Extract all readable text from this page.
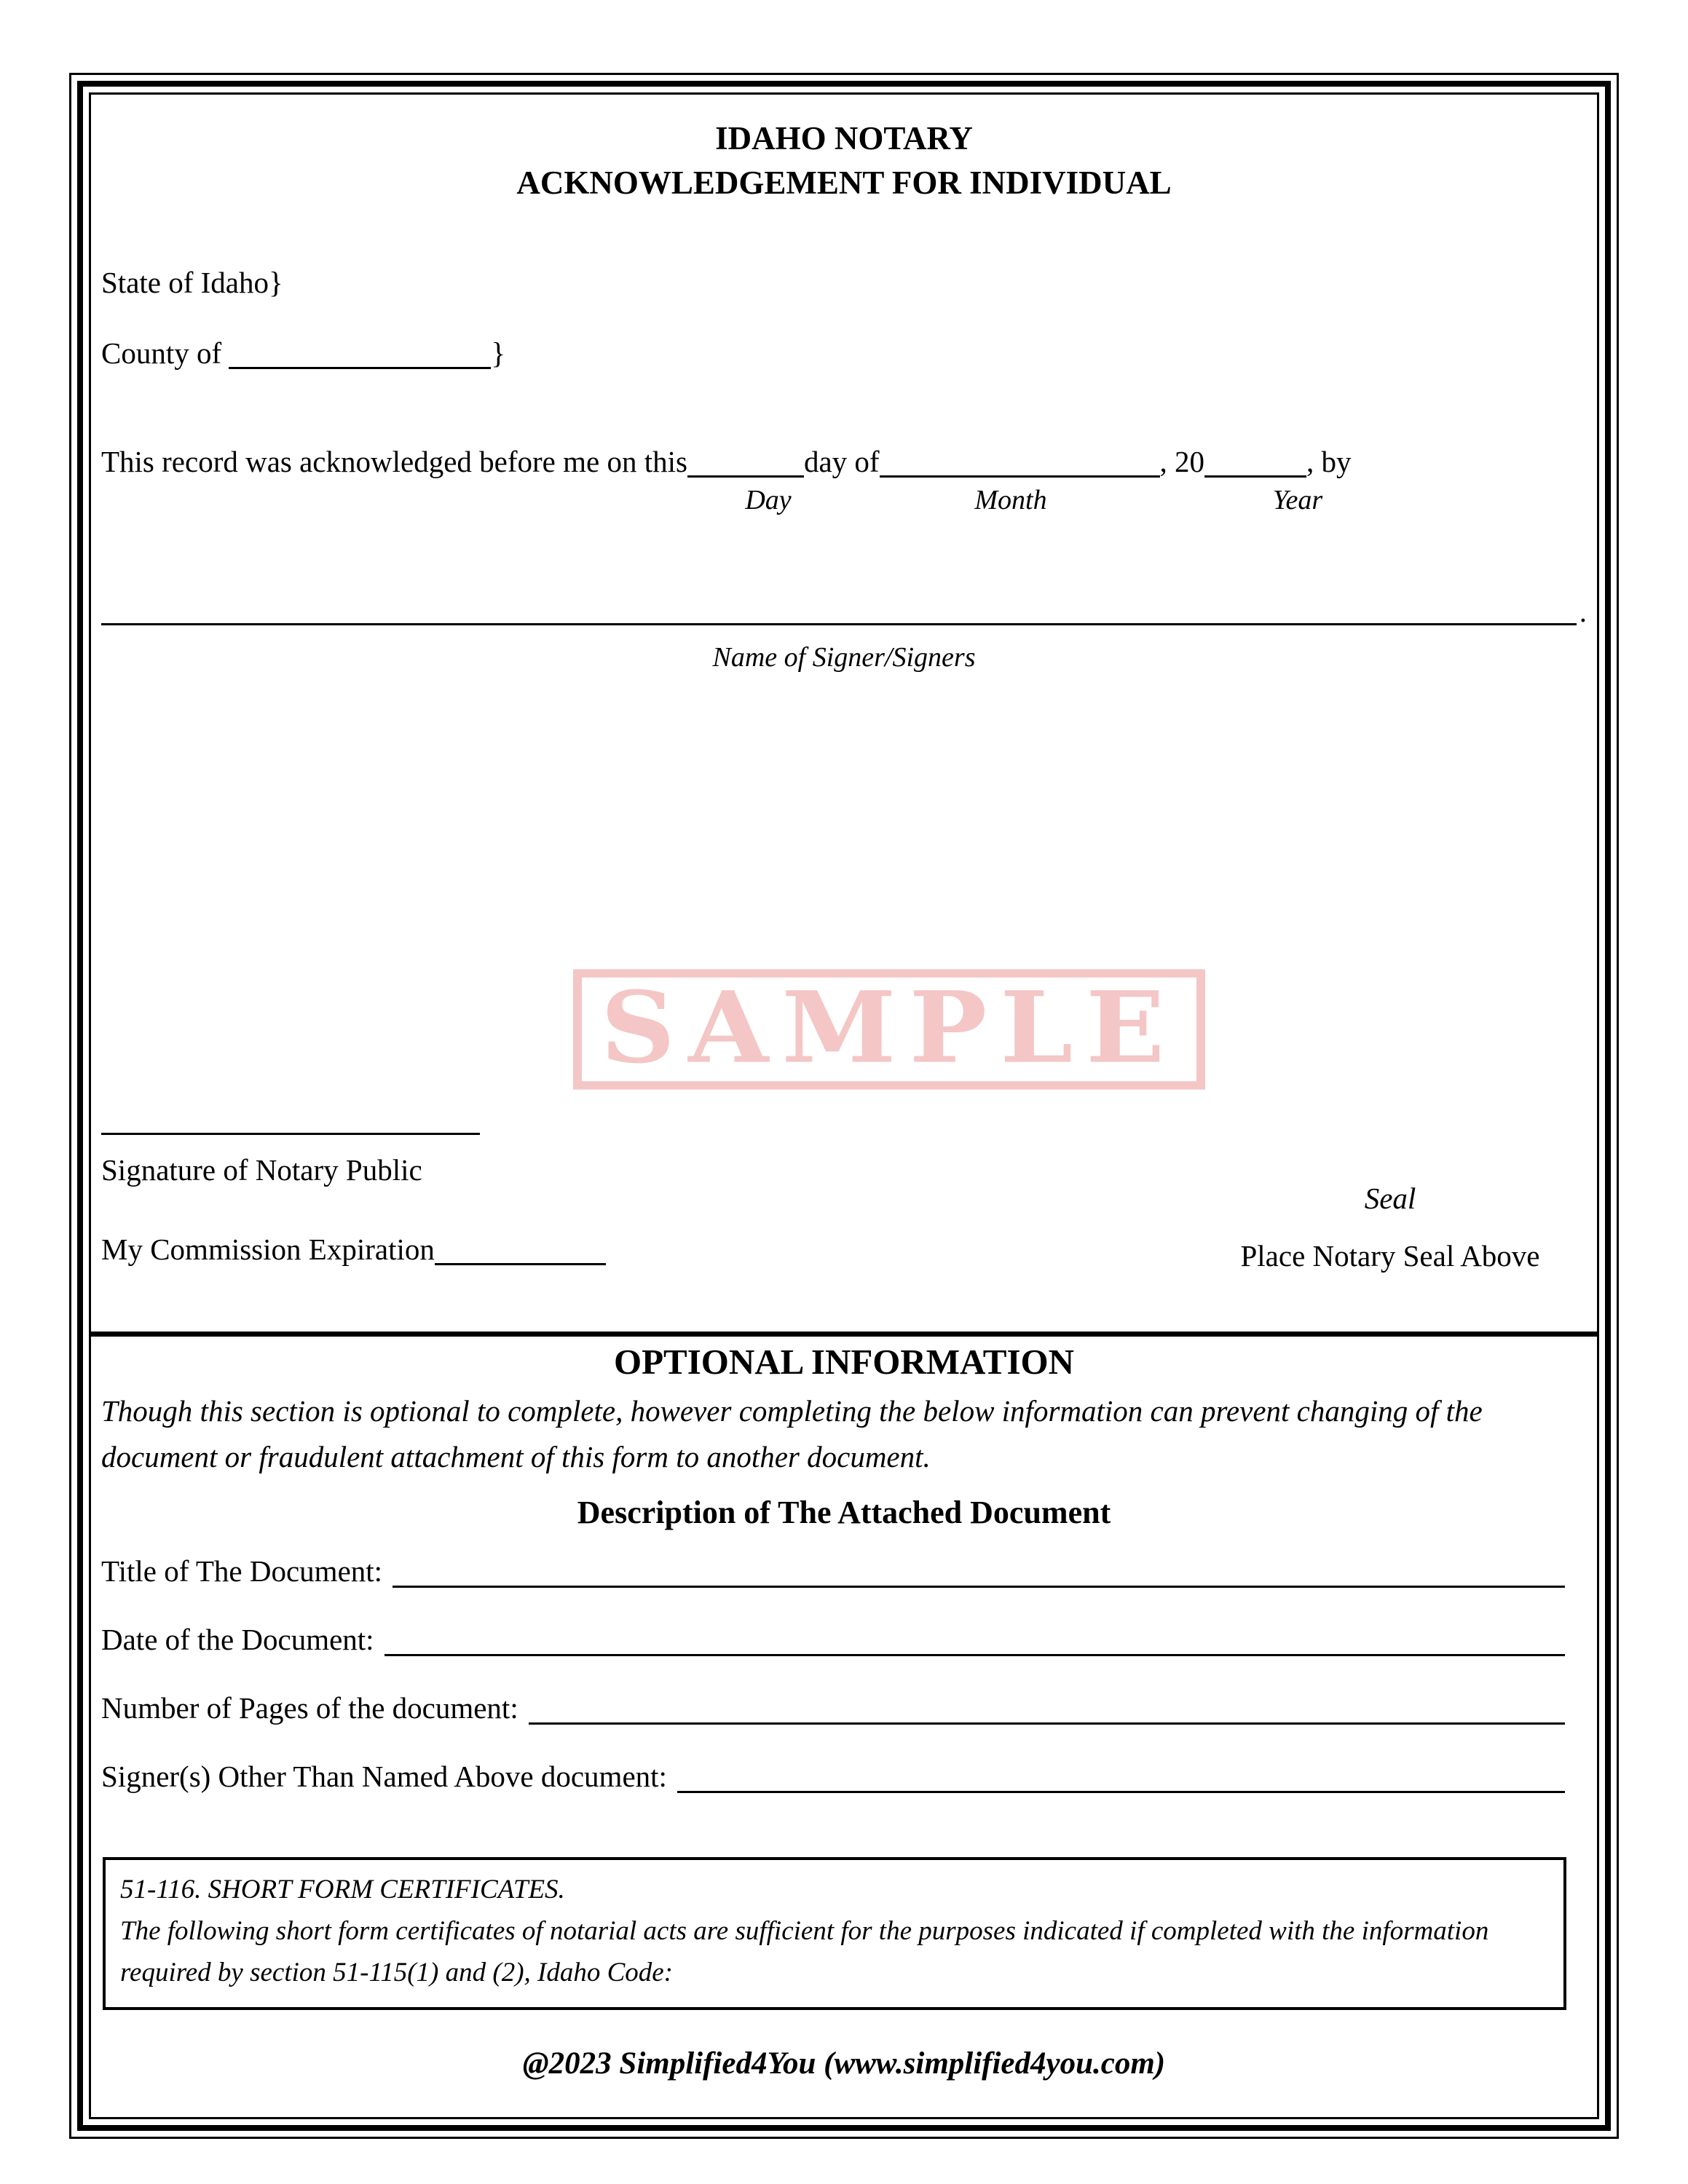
IDAHO NOTARY
ACKNOWLEDGEMENT FOR INDIVIDUAL
State of Idaho}
County of	}
This record was acknowledged before me on this	day of	, 20	, by
Day	Month	Year
.
Name of Signer/Signers
SAMPLE
Signature of Notary Public
My Commission Expiration
Seal
Place Notary Seal Above
OPTIONAL INFORMATION
Though this section is optional to complete, however completing the below information can prevent changing of the document or fraudulent attachment of this form to another document.
Description of The Attached Document
Title of The Document:
Date of the Document:
Number of Pages of the document:
Signer(s) Other Than Named Above document:
51-116. SHORT FORM CERTIFICATES.
The following short form certificates of notarial acts are sufficient for the purposes indicated if completed with the information required by section 51-115(1) and (2), Idaho Code:
@2023 Simplified4You (www.simplified4you.com)
